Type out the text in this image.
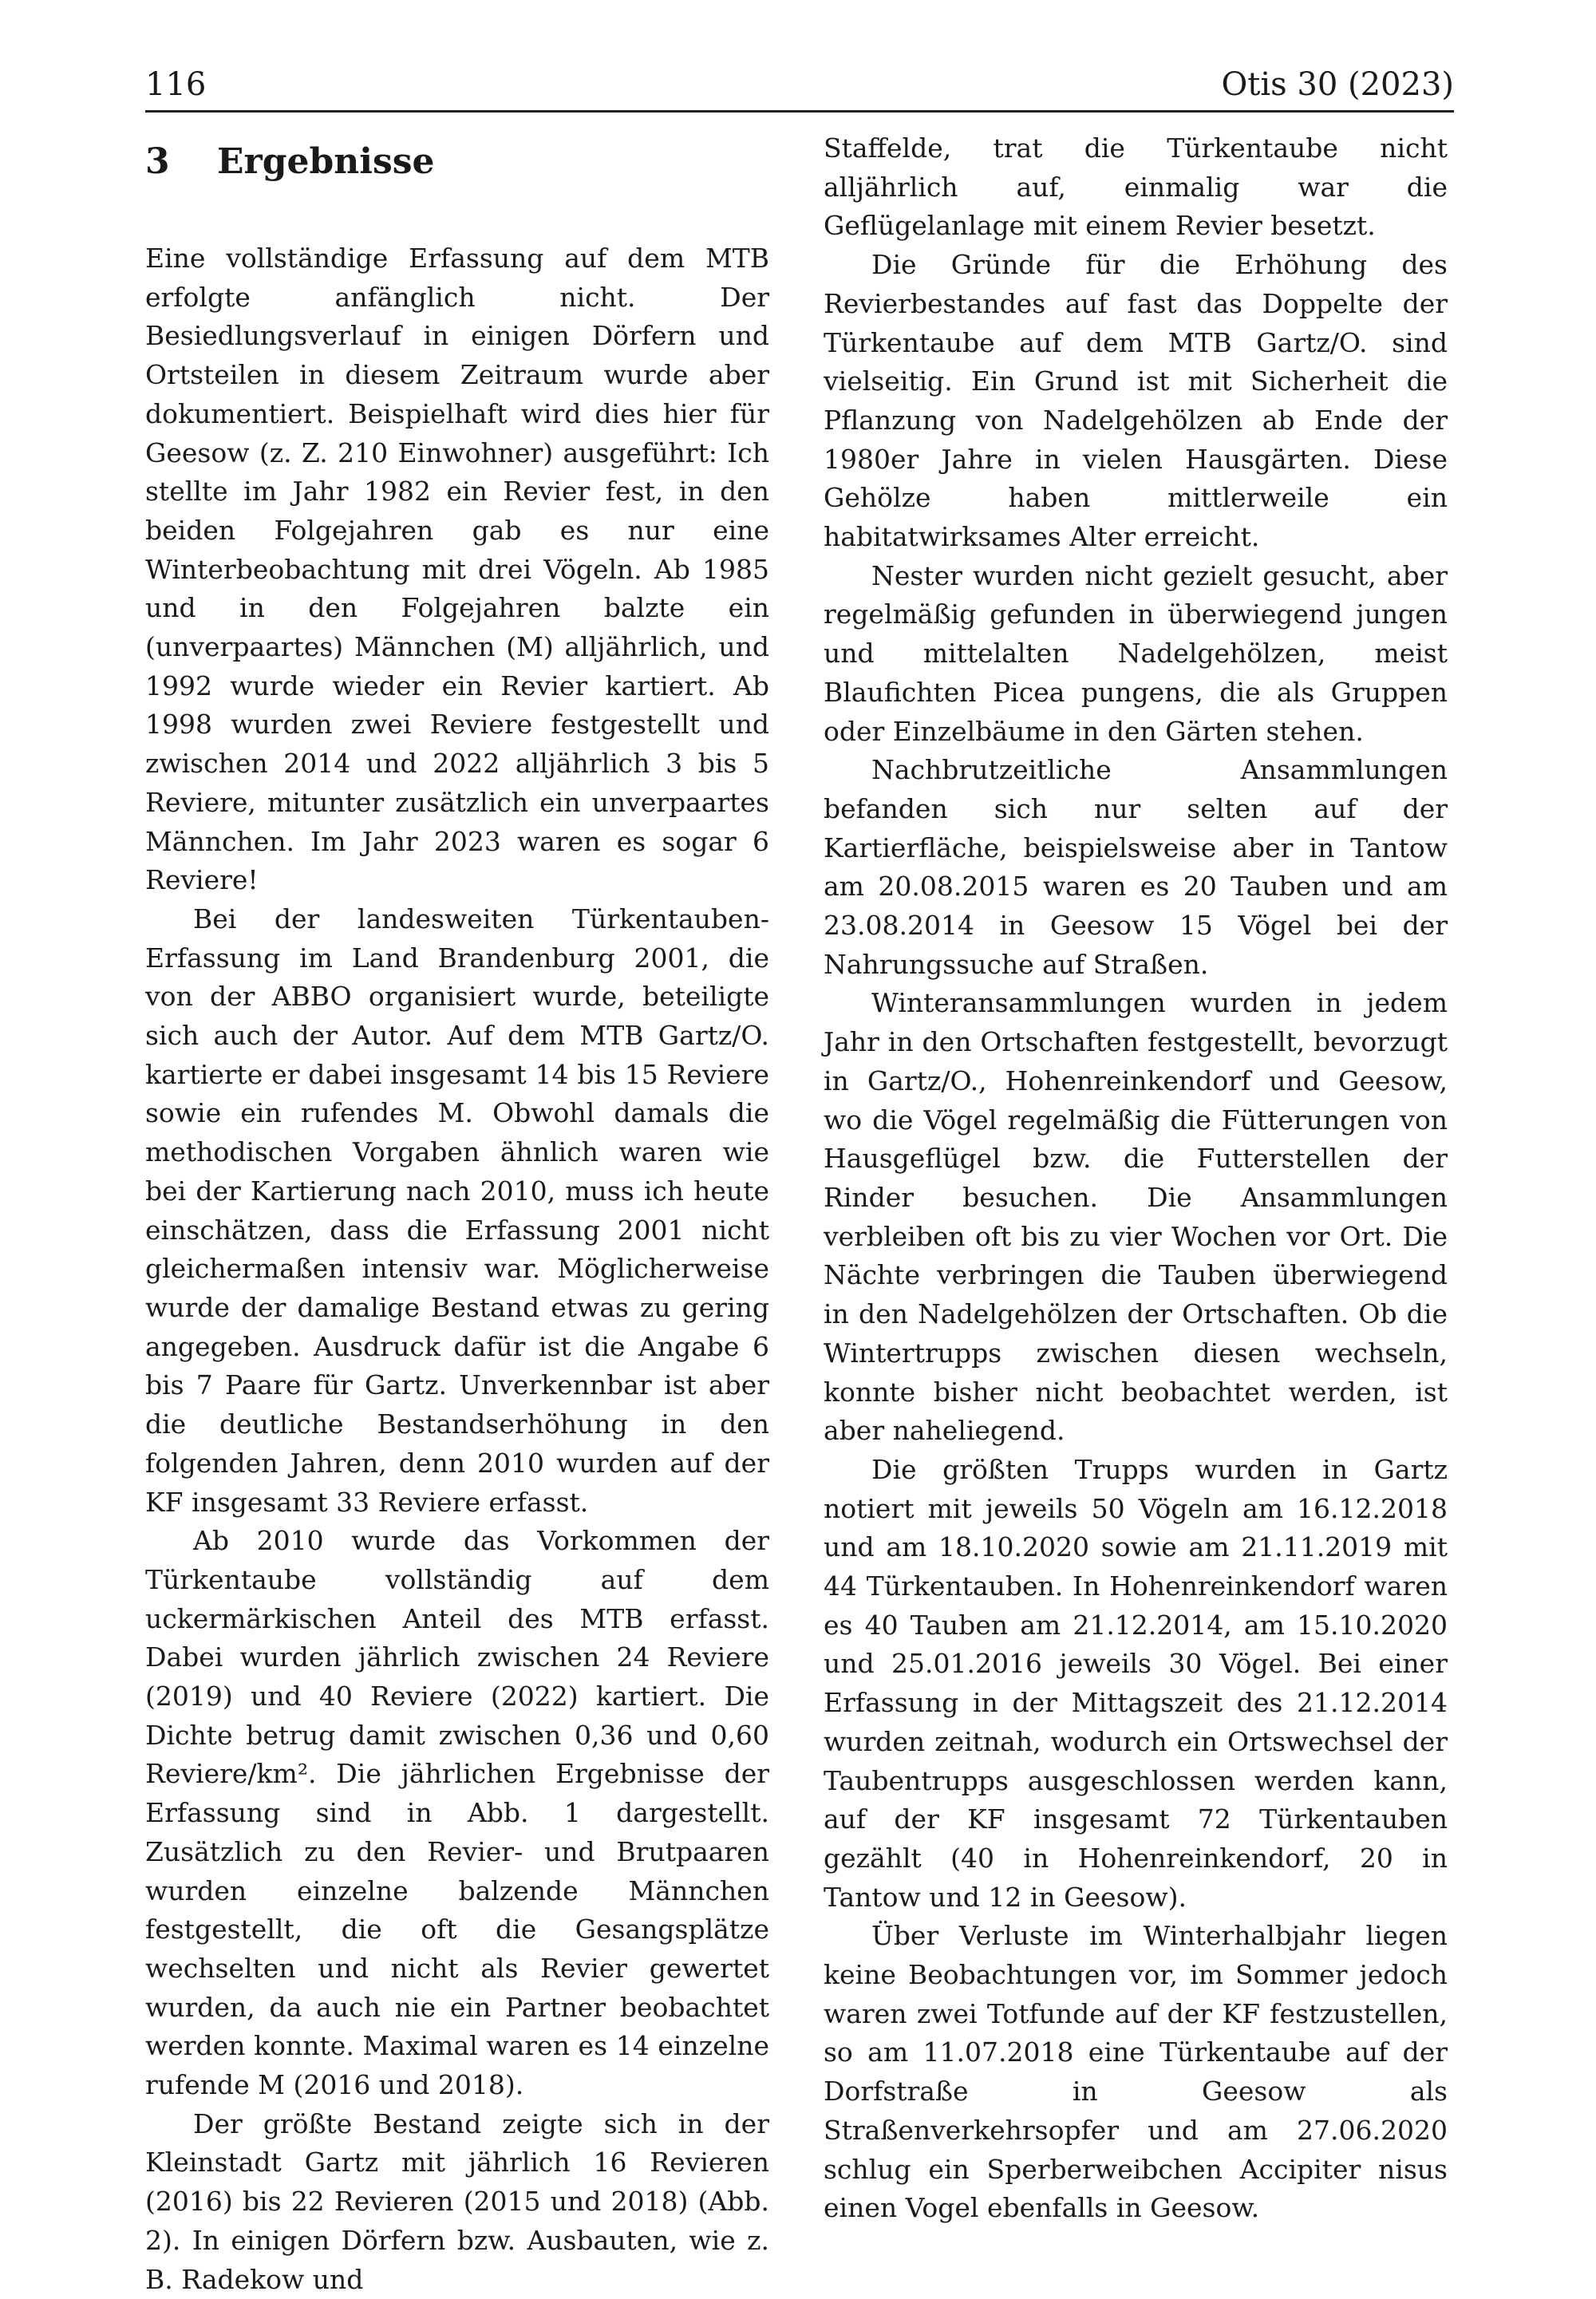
116	Otis 30 (2023)
3	Ergebnisse

Eine vollständige Erfassung auf dem MTB erfolgte anfänglich nicht. Der Besiedlungsverlauf in einigen Dörfern und Ortsteilen in diesem Zeitraum wurde aber dokumentiert. Beispielhaft wird dies hier für Geesow (z. Z. 210 Einwohner) ausgeführt: Ich stellte im Jahr 1982 ein Revier fest, in den beiden Folgejahren gab es nur eine Winterbeobachtung mit drei Vögeln. Ab 1985 und in den Folgejahren balzte ein (unverpaartes) Männchen (M) alljährlich, und 1992 wurde wieder ein Revier kartiert. Ab 1998 wurden zwei Reviere festgestellt und zwischen 2014 und 2022 alljährlich 3 bis 5 Reviere, mitunter zusätzlich ein unverpaartes Männchen. Im Jahr 2023 waren es sogar 6 Reviere!

Bei der landesweiten Türkentauben-Erfassung im Land Brandenburg 2001, die von der ABBO organisiert wurde, beteiligte sich auch der Autor. Auf dem MTB Gartz/O. kartierte er dabei insgesamt 14 bis 15 Reviere sowie ein rufendes M. Obwohl damals die methodischen Vorgaben ähnlich waren wie bei der Kartierung nach 2010, muss ich heute einschätzen, dass die Erfassung 2001 nicht gleichermaßen intensiv war. Möglicherweise wurde der damalige Bestand etwas zu gering angegeben. Ausdruck dafür ist die Angabe 6 bis 7 Paare für Gartz. Unverkennbar ist aber die deutliche Bestandserhöhung in den folgenden Jahren, denn 2010 wurden auf der KF insgesamt 33 Reviere erfasst.

Ab 2010 wurde das Vorkommen der Türkentaube vollständig auf dem uckermärkischen Anteil des MTB erfasst. Dabei wurden jährlich zwischen 24 Reviere (2019) und 40 Reviere (2022) kartiert. Die Dichte betrug damit zwischen 0,36 und 0,60 Reviere/km². Die jährlichen Ergebnisse der Erfassung sind in Abb. 1 dargestellt. Zusätzlich zu den Revier- und Brutpaaren wurden einzelne balzende Männchen festgestellt, die oft die Gesangsplätze wechselten und nicht als Revier gewertet wurden, da auch nie ein Partner beobachtet werden konnte. Maximal waren es 14 einzelne rufende M (2016 und 2018).

Der größte Bestand zeigte sich in der Kleinstadt Gartz mit jährlich 16 Revieren (2016) bis 22 Revieren (2015 und 2018) (Abb. 2). In einigen Dörfern bzw. Ausbauten, wie z. B. Radekow und

Staffelde, trat die Türkentaube nicht alljährlich auf, einmalig war die Geflügelanlage mit einem Revier besetzt.

Die Gründe für die Erhöhung des Revierbestandes auf fast das Doppelte der Türkentaube auf dem MTB Gartz/O. sind vielseitig. Ein Grund ist mit Sicherheit die Pflanzung von Nadelgehölzen ab Ende der 1980er Jahre in vielen Hausgärten. Diese Gehölze haben mittlerweile ein habitatwirksames Alter erreicht.

Nester wurden nicht gezielt gesucht, aber regelmäßig gefunden in überwiegend jungen und mittelalten Nadelgehölzen, meist Blaufichten Picea pungens, die als Gruppen oder Einzelbäume in den Gärten stehen.

Nachbrutzeitliche Ansammlungen befanden sich nur selten auf der Kartierfläche, beispielsweise aber in Tantow am 20.08.2015 waren es 20 Tauben und am 23.08.2014 in Geesow 15 Vögel bei der Nahrungssuche auf Straßen.

Winteransammlungen wurden in jedem Jahr in den Ortschaften festgestellt, bevorzugt in Gartz/O., Hohenreinkendorf und Geesow, wo die Vögel regelmäßig die Fütterungen von Hausgeflügel bzw. die Futterstellen der Rinder besuchen. Die Ansammlungen verbleiben oft bis zu vier Wochen vor Ort. Die Nächte verbringen die Tauben überwiegend in den Nadelgehölzen der Ortschaften. Ob die Wintertrupps zwischen diesen wechseln, konnte bisher nicht beobachtet werden, ist aber naheliegend.

Die größten Trupps wurden in Gartz notiert mit jeweils 50 Vögeln am 16.12.2018 und am 18.10.2020 sowie am 21.11.2019 mit 44 Türkentauben. In Hohenreinkendorf waren es 40 Tauben am 21.12.2014, am 15.10.2020 und 25.01.2016 jeweils 30 Vögel. Bei einer Erfassung in der Mittagszeit des 21.12.2014 wurden zeitnah, wodurch ein Ortswechsel der Taubentrupps ausgeschlossen werden kann, auf der KF insgesamt 72 Türkentauben gezählt (40 in Hohenreinkendorf, 20 in Tantow und 12 in Geesow).

Über Verluste im Winterhalbjahr liegen keine Beobachtungen vor, im Sommer jedoch waren zwei Totfunde auf der KF festzustellen, so am 11.07.2018 eine Türkentaube auf der Dorfstraße in Geesow als Straßenverkehrsopfer und am 27.06.2020 schlug ein Sperberweibchen Accipiter nisus einen Vogel ebenfalls in Geesow.
